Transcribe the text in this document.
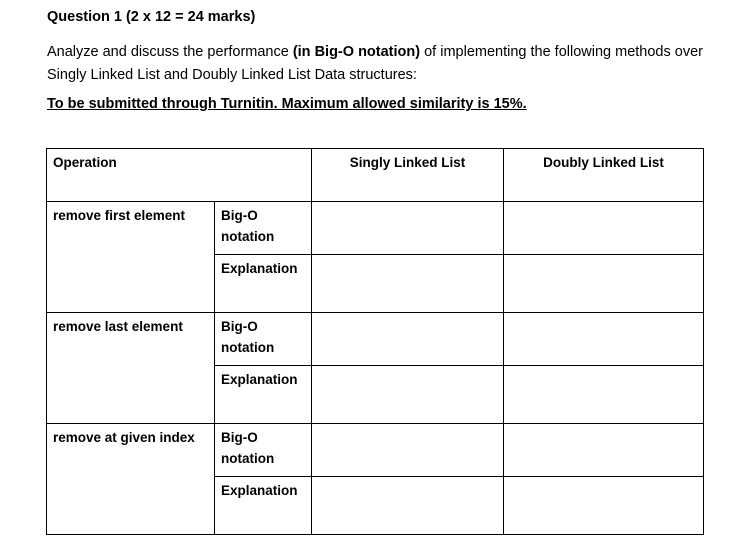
Question 1 (2 x 12 = 24 marks)
Analyze and discuss the performance (in Big-O notation) of implementing the following methods over Singly Linked List and Doubly Linked List Data structures:
To be submitted through Turnitin. Maximum allowed similarity is 15%.
Operation		Singly Linked List	Doubly Linked List
remove first element	Big-O notation		
	Explanation		
remove last element	Big-O notation		
	Explanation		
remove at given index	Big-O notation		
	Explanation		
